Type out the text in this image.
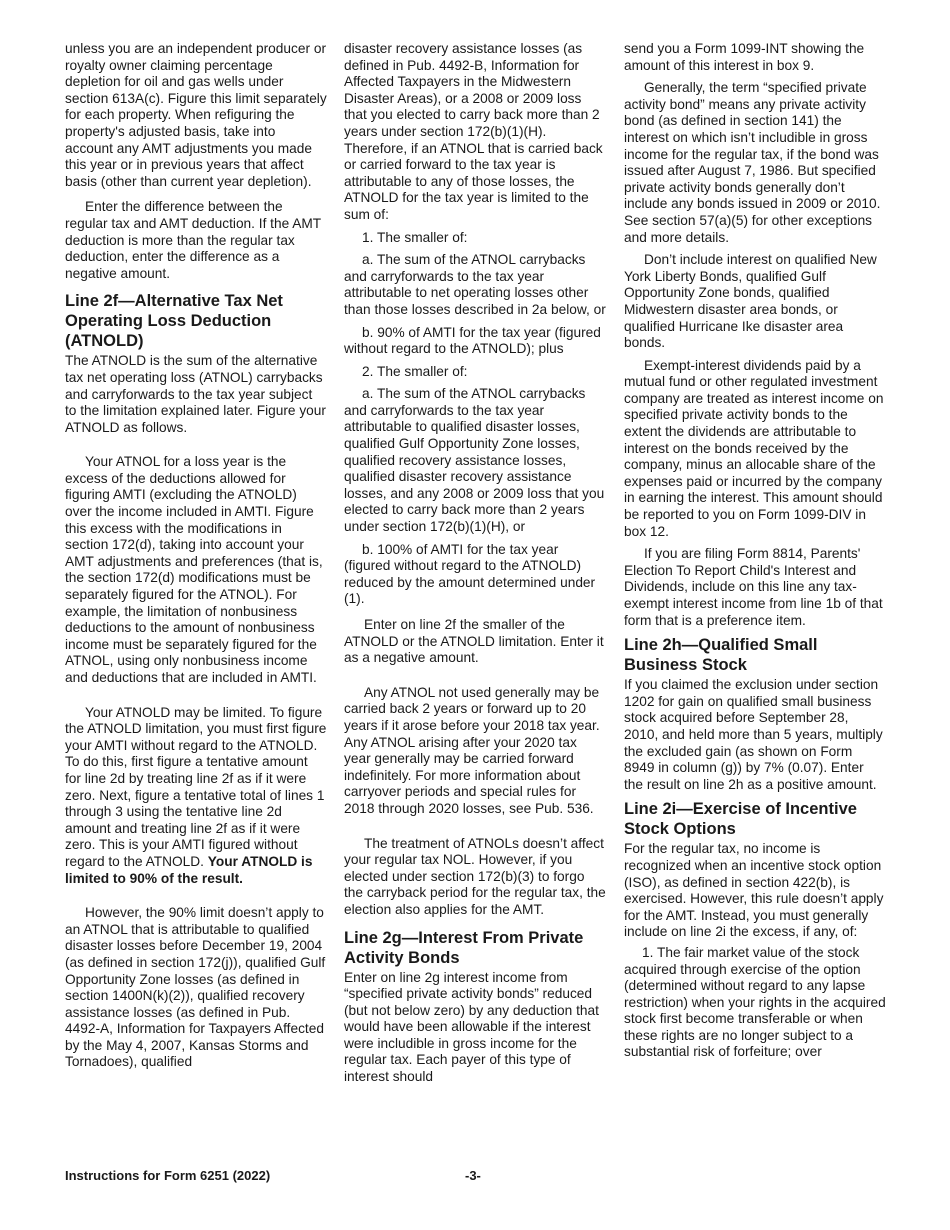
unless you are an independent producer or royalty owner claiming percentage depletion for oil and gas wells under section 613A(c). Figure this limit separately for each property. When refiguring the property's adjusted basis, take into account any AMT adjustments you made this year or in previous years that affect basis (other than current year depletion).

Enter the difference between the regular tax and AMT deduction. If the AMT deduction is more than the regular tax deduction, enter the difference as a negative amount.

Line 2f—Alternative Tax Net Operating Loss Deduction (ATNOLD)

The ATNOLD is the sum of the alternative tax net operating loss (ATNOL) carrybacks and carryforwards to the tax year subject to the limitation explained later. Figure your ATNOLD as follows.

Your ATNOL for a loss year is the excess of the deductions allowed for figuring AMTI (excluding the ATNOLD) over the income included in AMTI. Figure this excess with the modifications in section 172(d), taking into account your AMT adjustments and preferences (that is, the section 172(d) modifications must be separately figured for the ATNOL). For example, the limitation of nonbusiness deductions to the amount of nonbusiness income must be separately figured for the ATNOL, using only nonbusiness income and deductions that are included in AMTI.

Your ATNOLD may be limited. To figure the ATNOLD limitation, you must first figure your AMTI without regard to the ATNOLD. To do this, first figure a tentative amount for line 2d by treating line 2f as if it were zero. Next, figure a tentative total of lines 1 through 3 using the tentative line 2d amount and treating line 2f as if it were zero. This is your AMTI figured without regard to the ATNOLD. Your ATNOLD is limited to 90% of the result.

However, the 90% limit doesn’t apply to an ATNOL that is attributable to qualified disaster losses before December 19, 2004 (as defined in section 172(j)), qualified Gulf Opportunity Zone losses (as defined in section 1400N(k)(2)), qualified recovery assistance losses (as defined in Pub. 4492-A, Information for Taxpayers Affected by the May 4, 2007, Kansas Storms and Tornadoes), qualified

disaster recovery assistance losses (as defined in Pub. 4492-B, Information for Affected Taxpayers in the Midwestern Disaster Areas), or a 2008 or 2009 loss that you elected to carry back more than 2 years under section 172(b)(1)(H). Therefore, if an ATNOL that is carried back or carried forward to the tax year is attributable to any of those losses, the ATNOLD for the tax year is limited to the sum of:

1. The smaller of:

a. The sum of the ATNOL carrybacks and carryforwards to the tax year attributable to net operating losses other than those losses described in 2a below, or

b. 90% of AMTI for the tax year (figured without regard to the ATNOLD); plus

2. The smaller of:

a. The sum of the ATNOL carrybacks and carryforwards to the tax year attributable to qualified disaster losses, qualified Gulf Opportunity Zone losses, qualified recovery assistance losses, qualified disaster recovery assistance losses, and any 2008 or 2009 loss that you elected to carry back more than 2 years under section 172(b)(1)(H), or

b. 100% of AMTI for the tax year (figured without regard to the ATNOLD) reduced by the amount determined under (1).

Enter on line 2f the smaller of the ATNOLD or the ATNOLD limitation. Enter it as a negative amount.

Any ATNOL not used generally may be carried back 2 years or forward up to 20 years if it arose before your 2018 tax year. Any ATNOL arising after your 2020 tax year generally may be carried forward indefinitely. For more information about carryover periods and special rules for 2018 through 2020 losses, see Pub. 536.

The treatment of ATNOLs doesn’t affect your regular tax NOL. However, if you elected under section 172(b)(3) to forgo the carryback period for the regular tax, the election also applies for the AMT.

Line 2g—Interest From Private Activity Bonds

Enter on line 2g interest income from “specified private activity bonds” reduced (but not below zero) by any deduction that would have been allowable if the interest were includible in gross income for the regular tax. Each payer of this type of interest should

send you a Form 1099-INT showing the amount of this interest in box 9.

Generally, the term “specified private activity bond” means any private activity bond (as defined in section 141) the interest on which isn’t includible in gross income for the regular tax, if the bond was issued after August 7, 1986. But specified private activity bonds generally don’t include any bonds issued in 2009 or 2010. See section 57(a)(5) for other exceptions and more details.

Don’t include interest on qualified New York Liberty Bonds, qualified Gulf Opportunity Zone bonds, qualified Midwestern disaster area bonds, or qualified Hurricane Ike disaster area bonds.

Exempt-interest dividends paid by a mutual fund or other regulated investment company are treated as interest income on specified private activity bonds to the extent the dividends are attributable to interest on the bonds received by the company, minus an allocable share of the expenses paid or incurred by the company in earning the interest. This amount should be reported to you on Form 1099-DIV in box 12.

If you are filing Form 8814, Parents' Election To Report Child's Interest and Dividends, include on this line any tax-exempt interest income from line 1b of that form that is a preference item.

Line 2h—Qualified Small Business Stock

If you claimed the exclusion under section 1202 for gain on qualified small business stock acquired before September 28, 2010, and held more than 5 years, multiply the excluded gain (as shown on Form 8949 in column (g)) by 7% (0.07). Enter the result on line 2h as a positive amount.

Line 2i—Exercise of Incentive Stock Options

For the regular tax, no income is recognized when an incentive stock option (ISO), as defined in section 422(b), is exercised. However, this rule doesn’t apply for the AMT. Instead, you must generally include on line 2i the excess, if any, of:

1. The fair market value of the stock acquired through exercise of the option (determined without regard to any lapse restriction) when your rights in the acquired stock first become transferable or when these rights are no longer subject to a substantial risk of forfeiture; over

Instructions for Form 6251 (2022)	-3-
